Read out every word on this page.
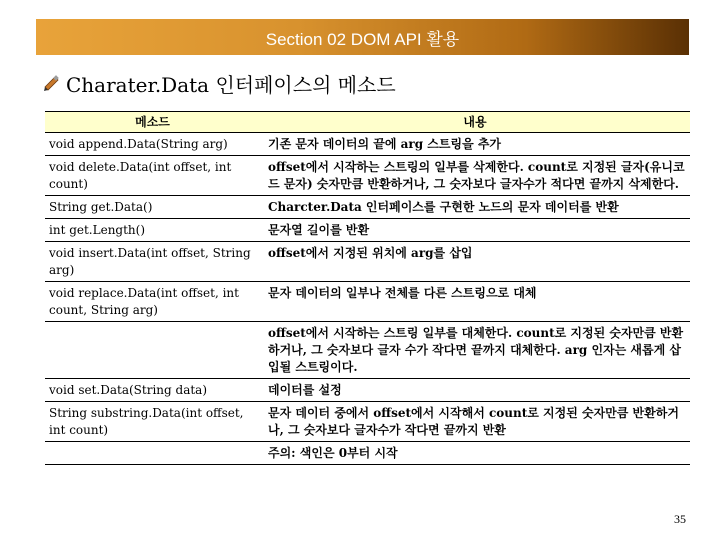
Section 02 DOM API 활용
Charater.Data 인터페이스의 메소드
메소드	내용
void append.Data(String arg)	기존 문자 데이터의 끝에 arg 스트링을 추가
void delete.Data(int offset, int count)	offset에서 시작하는 스트링의 일부를 삭제한다. count로 지정된 글자(유니코드 문자) 숫자만큼 반환하거나, 그 숫자보다 글자수가 적다면 끝까지 삭제한다.
String get.Data()	Charcter.Data 인터페이스를 구현한 노드의 문자 데이터를 반환
int get.Length()	문자열 길이를 반환
void insert.Data(int offset, String arg)	offset에서 지정된 위치에 arg를 삽입
void replace.Data(int offset, int count, String arg)	문자 데이터의 일부나 전체를 다른 스트링으로 대체
	offset에서 시작하는 스트링 일부를 대체한다. count로 지정된 숫자만큼 반환하거나, 그 숫자보다 글자 수가 작다면 끝까지 대체한다. arg 인자는 새롭게 삽입될 스트링이다.
void set.Data(String data)	데이터를 설정
String substring.Data(int offset, int count)	문자 데이터 중에서 offset에서 시작해서 count로 지정된 숫자만큼 반환하거나, 그 숫자보다 글자수가 작다면 끝까지 반환
	주의: 색인은 0부터 시작
35
